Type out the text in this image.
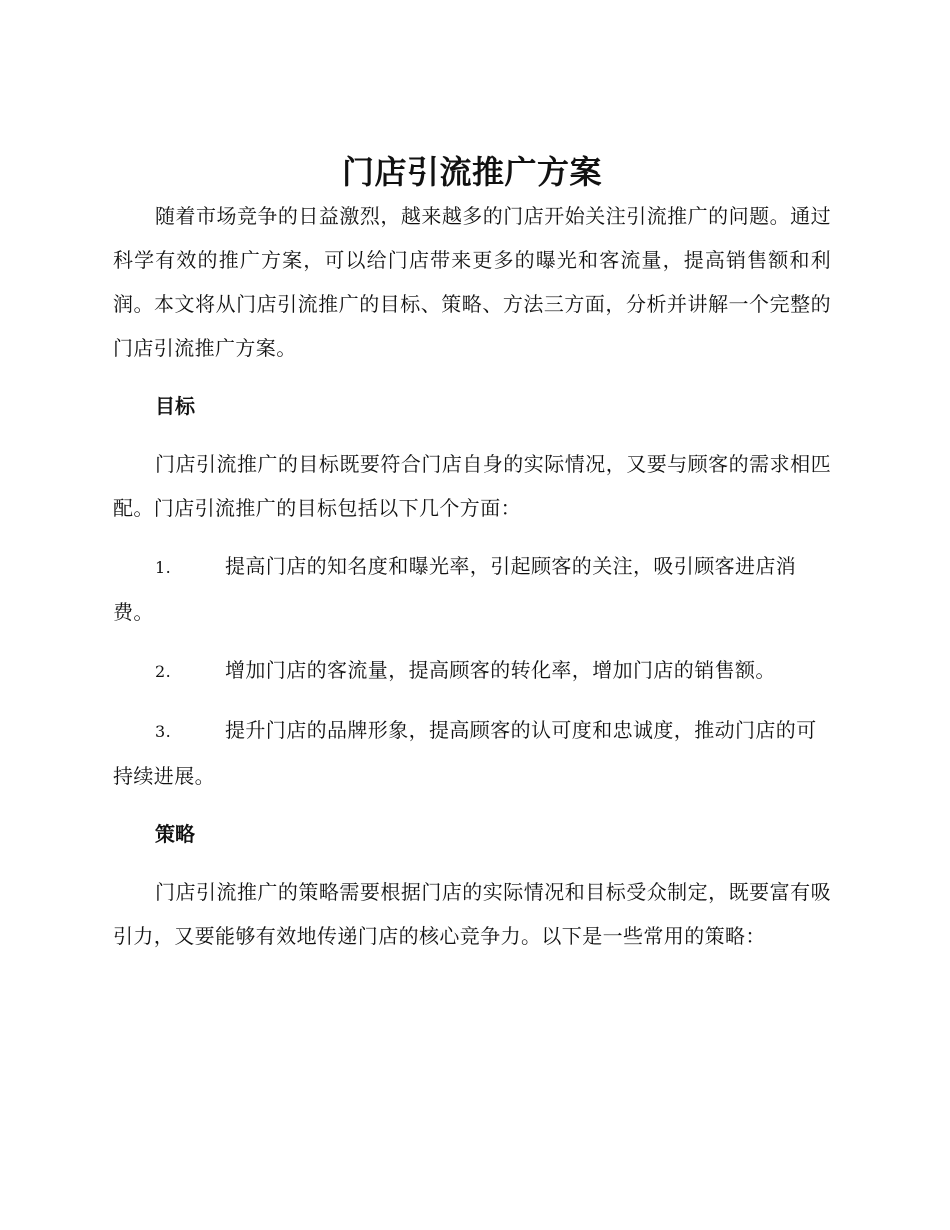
门店引流推广方案

随着市场竞争的日益激烈，越来越多的门店开始关注引流推广的问题。通过科学有效的推广方案，可以给门店带来更多的曝光和客流量，提高销售额和利润。本文将从门店引流推广的目标、策略、方法三方面，分析并讲解一个完整的门店引流推广方案。

目标

门店引流推广的目标既要符合门店自身的实际情况，又要与顾客的需求相匹配。门店引流推广的目标包括以下几个方面：

1.	提高门店的知名度和曝光率，引起顾客的关注，吸引顾客进店消费。

2.	增加门店的客流量，提高顾客的转化率，增加门店的销售额。

3.	提升门店的品牌形象，提高顾客的认可度和忠诚度，推动门店的可持续进展。

策略

门店引流推广的策略需要根据门店的实际情况和目标受众制定，既要富有吸引力，又要能够有效地传递门店的核心竞争力。以下是一些常用的策略：
